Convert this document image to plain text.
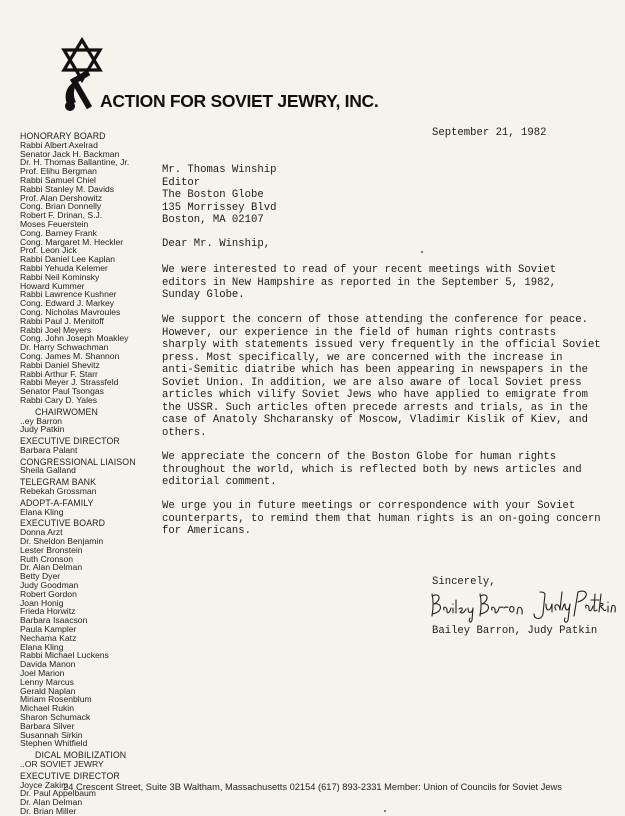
ACTION FOR SOVIET JEWRY, INC.
HONORARY BOARD
Rabbi Albert Axelrad
Senator Jack H. Backman
Dr. H. Thomas Ballantine, Jr.
Prof. Elihu Bergman
Rabbi Samuel Chiel
Rabbi Stanley M. Davids
Prof. Alan Dershowitz
Cong. Brian Donnelly
Robert F. Drinan, S.J.
Moses Feuerstein
Cong. Barney Frank
Cong. Margaret M. Heckler
Prof. Leon Jick
Rabbi Daniel Lee Kaplan
Rabbi Yehuda Kelemer
Rabbi Neil Kominsky
Howard Kummer
Rabbi Lawrence Kushner
Cong. Edward J. Markey
Cong. Nicholas Mavroules
Rabbi Paul J. Menitoff
Rabbi Joel Meyers
Cong. John Joseph Moakley
Dr. Harry Schwachman
Cong. James M. Shannon
Rabbi Daniel Shevitz
Rabbi Arthur F. Starr
Rabbi Meyer J. Strassfeld
Senator Paul Tsongas
Rabbi Cary D. Yales
CHAIRWOMEN
..ey Barron
Judy Patkin
EXECUTIVE DIRECTOR
Barbara Palant
CONGRESSIONAL LIAISON
Sheila Galland
TELEGRAM BANK
Rebekah Grossman
ADOPT-A-FAMILY
Elana Kling
EXECUTIVE BOARD
Donna Arzt
Dr. Sheldon Benjamin
Lester Bronstein
Ruth Cronson
Dr. Alan Delman
Betty Dyer
Judy Goodman
Robert Gordon
Joan Honig
Frieda Horwitz
Barbara Isaacson
Paula Kampler
Nechama Katz
Elana Kling
Rabbi Michael Luckens
Davida Manon
Joel Marion
Lenny Marcus
Gerald Naplan
Miriam Rosenblum
Michael Rukin
Sharon Schumack
Barbara Silver
Susannah Sirkin
Stephen Whitfield
DICAL MOBILIZATION
..OR SOVIET JEWRY
EXECUTIVE DIRECTOR
Joyce Zakim
Dr. Paul Appelbaum
Dr. Alan Delman
Dr. Brian Miller
September 21, 1982
Mr. Thomas Winship
Editor
The Boston Globe
135 Morrissey Blvd
Boston, MA 02107
Dear Mr. Winship,
We were interested to read of your recent meetings with Soviet
editors in New Hampshire as reported in the September 5, 1982,
Sunday Globe.
We support the concern of those attending the conference for peace.
However, our experience in the field of human rights contrasts
sharply with statements issued very frequently in the official Soviet
press. Most specifically, we are concerned with the increase in
anti-Semitic diatribe which has been appearing in newspapers in the
Soviet Union. In addition, we are also aware of local Soviet press
articles which vilify Soviet Jews who have applied to emigrate from
the USSR. Such articles often precede arrests and trials, as in the
case of Anatoly Shcharansky of Moscow, Vladimir Kislik of Kiev, and
others.
We appreciate the concern of the Boston Globe for human rights
throughout the world, which is reflected both by news articles and
editorial comment.
We urge you in future meetings or correspondence with your Soviet
counterparts, to remind them that human rights is an on-going concern
for Americans.
Sincerely,
Bailey Barron, Judy Patkin
24 Crescent Street, Suite 3B Waltham, Massachusetts 02154 (617) 893-2331 Member: Union of Councils for Soviet Jews
